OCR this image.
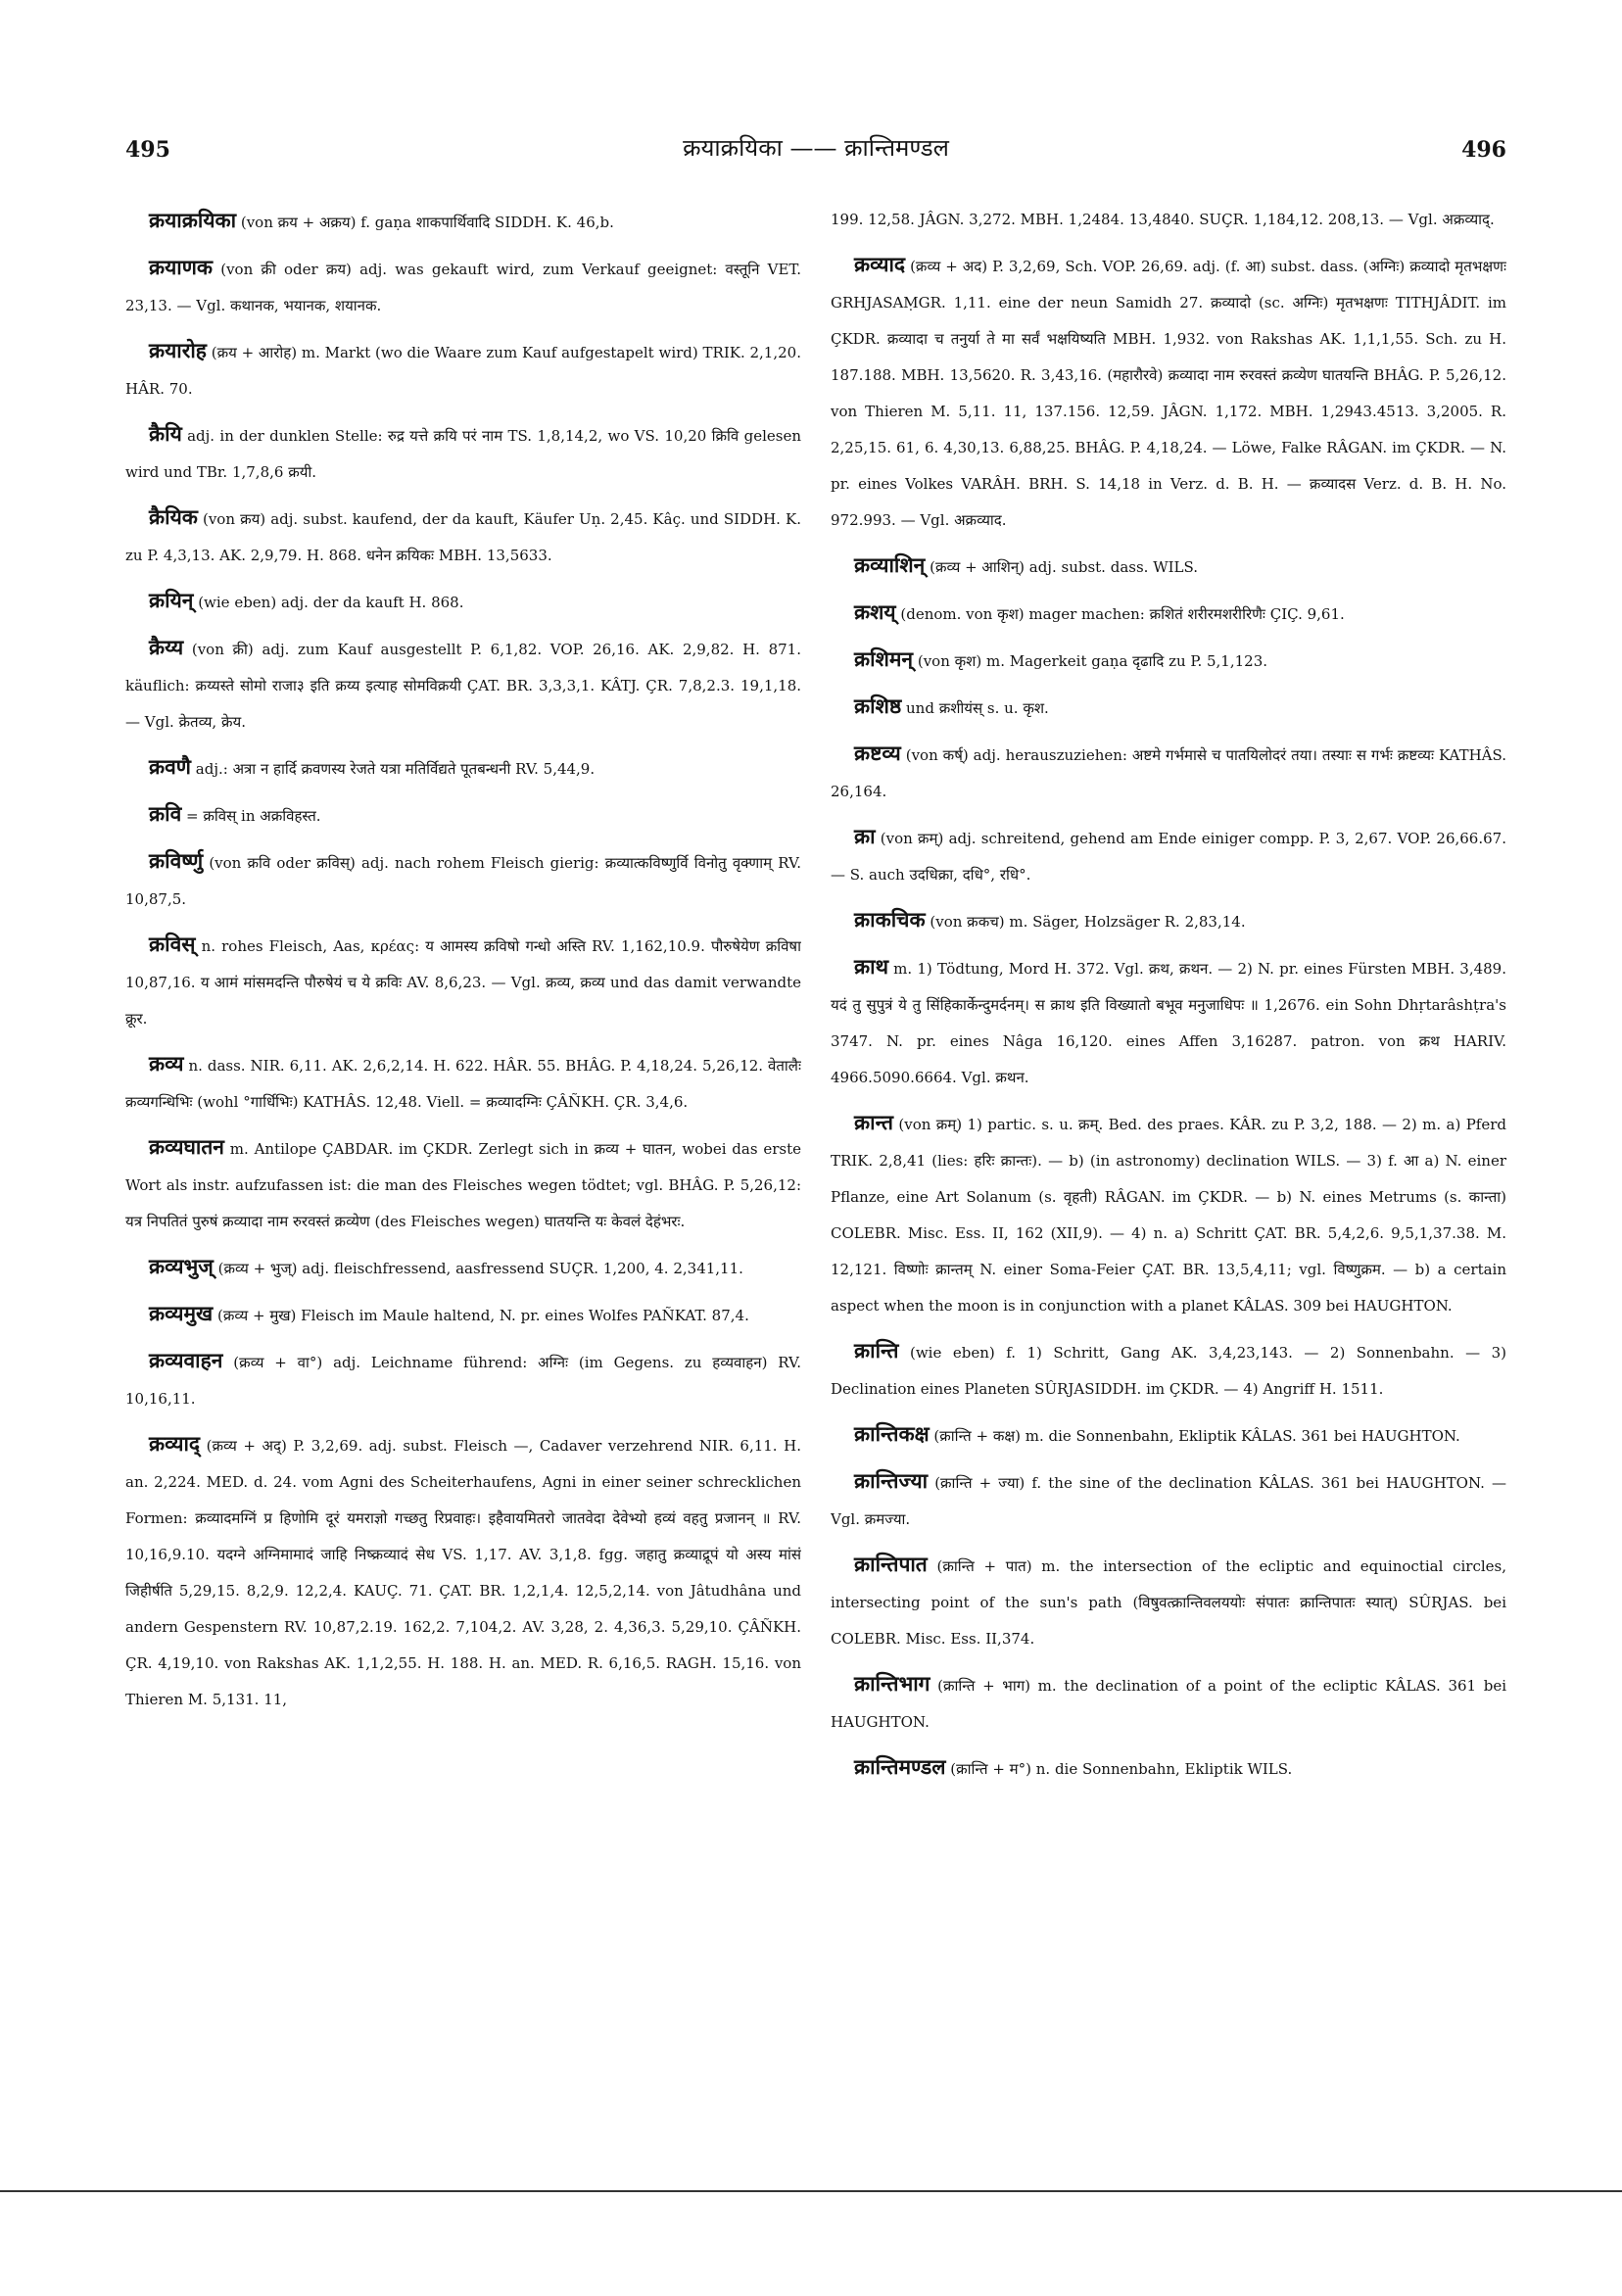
495	क्रयाक्रयिका —— क्रान्तिमण्डल	496

क्रयाक्रयिका (von क्रय + अक्रय) f. gaṇa शाकपार्थिवादि SIDDH. K. 46,b.

क्रयाणक (von क्री oder क्रय) adj. was gekauft wird, zum Verkauf geeignet: वस्तूनि VET. 23,13. — Vgl. कथानक, भयानक, शयानक.

क्रयारोह (क्रय + आरोह) m. Markt (wo die Waare zum Kauf aufgestapelt wird) TRIK. 2,1,20. HÂR. 70.

क्रैयि adj. in der dunklen Stelle: रुद्र यत्ते क्रयि परं नाम TS. 1,8,14,2, wo VS. 10,20 क्रिवि gelesen wird und TBr. 1,7,8,6 क्रयी.

क्रैयिक (von क्रय) adj. subst. kaufend, der da kauft, Käufer Uṇ. 2,45. Kâç. und SIDDH. K. zu P. 4,3,13. AK. 2,9,79. H. 868. धनेन क्रयिकः MBH. 13,5633.

क्रयिन् (wie eben) adj. der da kauft H. 868.

क्रैय्य (von क्री) adj. zum Kauf ausgestellt P. 6,1,82. VOP. 26,16. AK. 2,9,82. H. 871. käuflich: क्रय्यस्ते सोमो राजा३ इति क्रय्य इत्याह सोमविक्रयी ÇAT. BR. 3,3,3,1. KÂTJ. ÇR. 7,8,2.3. 19,1,18. — Vgl. क्रेतव्य, क्रेय.

क्रवणै adj.: अत्रा न हार्दि क्रवणस्य रेजते यत्रा मतिर्विद्यते पूतबन्धनी RV. 5,44,9.

क्रवि = क्रविस् in अक्रविहस्त.

क्रविर्ष्णु (von क्रवि oder क्रविस्) adj. nach rohem Fleisch gierig: क्रव्यात्कविष्णुर्वि विनोतु वृक्णाम् RV. 10,87,5.

क्रविस् n. rohes Fleisch, Aas, κρέας: य आमस्य क्रविषो गन्धो अस्ति RV. 1,162,10.9. पौरुषेयेण क्रविषा 10,87,16. य आमं मांसमदन्ति पौरुषेयं च ये क्रविः AV. 8,6,23. — Vgl. क्रव्य, क्रव्य und das damit verwandte क्रूर.

क्रव्य n. dass. NIR. 6,11. AK. 2,6,2,14. H. 622. HÂR. 55. BHÂG. P. 4,18,24. 5,26,12. वेतालैः क्रव्यगन्धिभिः (wohl °गार्धिभिः) KATHÂS. 12,48. Viell. = क्रव्यादग्निः ÇÂÑKH. ÇR. 3,4,6.

क्रव्यघातन m. Antilope ÇABDAR. im ÇKDR. Zerlegt sich in क्रव्य + घातन, wobei das erste Wort als instr. aufzufassen ist: die man des Fleisches wegen tödtet; vgl. BHÂG. P. 5,26,12: यत्र निपतितं पुरुषं क्रव्यादा नाम रुरवस्तं क्रव्येण (des Fleisches wegen) घातयन्ति यः केवलं देहंभरः.

क्रव्यभुज् (क्रव्य + भुज्) adj. fleischfressend, aasfressend SUÇR. 1,200, 4. 2,341,11.

क्रव्यमुख (क्रव्य + मुख) Fleisch im Maule haltend, N. pr. eines Wolfes PAÑKAT. 87,4.

क्रव्यवाहन (क्रव्य + वा°) adj. Leichname führend: अग्निः (im Gegens. zu हव्यवाहन) RV. 10,16,11.

क्रव्याद् (क्रव्य + अद्) P. 3,2,69. adj. subst. Fleisch —, Cadaver verzehrend NIR. 6,11. H. an. 2,224. MED. d. 24. vom Agni des Scheiterhaufens, Agni in einer seiner schrecklichen Formen: क्रव्यादमग्निं प्र हिणोमि दूरं यमराज्ञो गच्छतु रिप्रवाहः। इहैवायमितरो जातवेदा देवेभ्यो हव्यं वहतु प्रजानन् ॥ RV. 10,16,9.10. यदग्ने अग्निमामादं जाहि निष्क्रव्यादं सेध VS. 1,17. AV. 3,1,8. fgg. जहातु क्रव्याद्रूपं यो अस्य मांसं जिहीर्षति 5,29,15. 8,2,9. 12,2,4. KAUÇ. 71. ÇAT. BR. 1,2,1,4. 12,5,2,14. von Jâtudhâna und andern Gespenstern RV. 10,87,2.19. 162,2. 7,104,2. AV. 3,28, 2. 4,36,3. 5,29,10. ÇÂÑKH. ÇR. 4,19,10. von Rakshas AK. 1,1,2,55. H. 188. H. an. MED. R. 6,16,5. RAGH. 15,16. von Thieren M. 5,131. 11,

199. 12,58. JÂGN. 3,272. MBH. 1,2484. 13,4840. SUÇR. 1,184,12. 208,13. — Vgl. अक्रव्याद्.

क्रव्याद (क्रव्य + अद) P. 3,2,69, Sch. VOP. 26,69. adj. (f. आ) subst. dass. (अग्निः) क्रव्यादो मृतभक्षणः GRHJASAṂGR. 1,11. eine der neun Samidh 27. क्रव्यादो (sc. अग्निः) मृतभक्षणः TITHJÂDIT. im ÇKDR. क्रव्यादा च तनुर्या ते मा सर्वं भक्षयिष्यति MBH. 1,932. von Rakshas AK. 1,1,1,55. Sch. zu H. 187.188. MBH. 13,5620. R. 3,43,16. (महारौरवे) क्रव्यादा नाम रुरवस्तं क्रव्येण घातयन्ति BHÂG. P. 5,26,12. von Thieren M. 5,11. 11, 137.156. 12,59. JÂGN. 1,172. MBH. 1,2943.4513. 3,2005. R. 2,25,15. 61, 6. 4,30,13. 6,88,25. BHÂG. P. 4,18,24. — Löwe, Falke RÂGAN. im ÇKDR. — N. pr. eines Volkes VARÂH. BRH. S. 14,18 in Verz. d. B. H. — क्रव्यादस Verz. d. B. H. No. 972.993. — Vgl. अक्रव्याद.

क्रव्याशिन् (क्रव्य + आशिन्) adj. subst. dass. WILS.

क्रशय् (denom. von कृश) mager machen: क्रशितं शरीरमशरीरिणैः ÇIÇ. 9,61.

क्रशिमन् (von कृश) m. Magerkeit gaṇa दृढादि zu P. 5,1,123.

क्रशिष्ठ und क्रशीयंस् s. u. कृश.

क्रष्टव्य (von कर्ष्) adj. herauszuziehen: अष्टमे गर्भमासे च पातयिलोदरं तया। तस्याः स गर्भः क्रष्टव्यः KATHÂS. 26,164.

क्रा (von क्रम्) adj. schreitend, gehend am Ende einiger compp. P. 3, 2,67. VOP. 26,66.67. — S. auch उदधिक्रा, दधि°, रधि°.

क्राकचिक (von क्रकच) m. Säger, Holzsäger R. 2,83,14.

क्राथ m. 1) Tödtung, Mord H. 372. Vgl. क्रथ, क्रथन. — 2) N. pr. eines Fürsten MBH. 3,489. यदं तु सुपुत्रं ये तु सिंहिकार्केन्दुमर्दनम्। स क्राथ इति विख्यातो बभूव मनुजाधिपः ॥ 1,2676. ein Sohn Dhṛtarâshṭra's 3747. N. pr. eines Nâga 16,120. eines Affen 3,16287. patron. von क्रथ HARIV. 4966.5090.6664. Vgl. क्रथन.

क्रान्त (von क्रम्) 1) partic. s. u. क्रम्. Bed. des praes. KÂR. zu P. 3,2, 188. — 2) m. a) Pferd TRIK. 2,8,41 (lies: हरिः क्रान्तः). — b) (in astronomy) declination WILS. — 3) f. आ a) N. einer Pflanze, eine Art Solanum (s. वृहती) RÂGAN. im ÇKDR. — b) N. eines Metrums (s. कान्ता) COLEBR. Misc. Ess. II, 162 (XII,9). — 4) n. a) Schritt ÇAT. BR. 5,4,2,6. 9,5,1,37.38. M. 12,121. विष्णोः क्रान्तम् N. einer Soma-Feier ÇAT. BR. 13,5,4,11; vgl. विष्णुक्रम. — b) a certain aspect when the moon is in conjunction with a planet KÂLAS. 309 bei HAUGHTON.

क्रान्ति (wie eben) f. 1) Schritt, Gang AK. 3,4,23,143. — 2) Sonnenbahn. — 3) Declination eines Planeten SÛRJASIDDH. im ÇKDR. — 4) Angriff H. 1511.

क्रान्तिकक्ष (क्रान्ति + कक्ष) m. die Sonnenbahn, Ekliptik KÂLAS. 361 bei HAUGHTON.

क्रान्तिज्या (क्रान्ति + ज्या) f. the sine of the declination KÂLAS. 361 bei HAUGHTON. — Vgl. क्रमज्या.

क्रान्तिपात (क्रान्ति + पात) m. the intersection of the ecliptic and equinoctial circles, intersecting point of the sun's path (विषुवत्क्रान्तिवलययोः संपातः क्रान्तिपातः स्यात्) SÛRJAS. bei COLEBR. Misc. Ess. II,374.

क्रान्तिभाग (क्रान्ति + भाग) m. the declination of a point of the ecliptic KÂLAS. 361 bei HAUGHTON.

क्रान्तिमण्डल (क्रान्ति + म°) n. die Sonnenbahn, Ekliptik WILS.
